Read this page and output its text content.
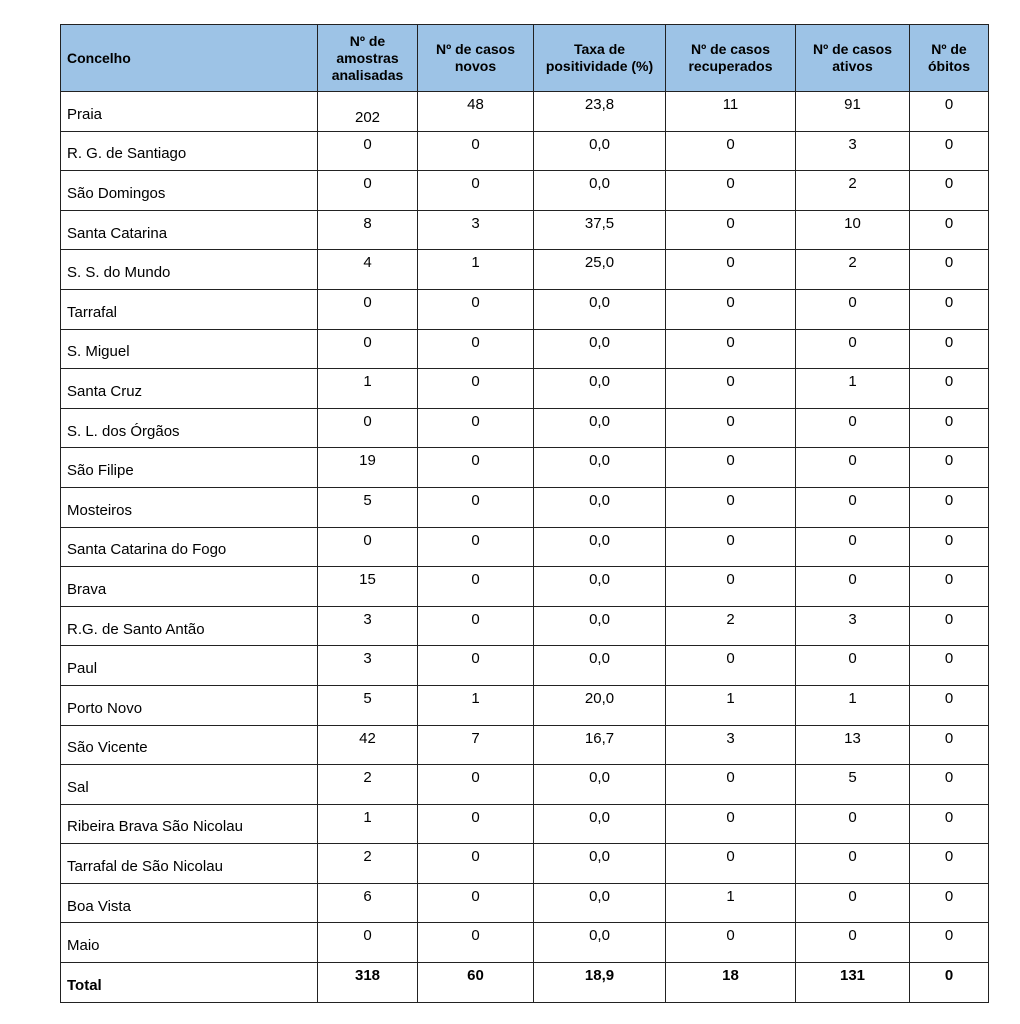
Concelho	Nº de amostras analisadas	Nº de casos novos	Taxa de positividade (%)	Nº de casos recuperados	Nº de casos ativos	Nº de óbitos
Praia	202	48	23,8	11	91	0
R. G. de Santiago	0	0	0,0	0	3	0
São Domingos	0	0	0,0	0	2	0
Santa Catarina	8	3	37,5	0	10	0
S. S. do Mundo	4	1	25,0	0	2	0
Tarrafal	0	0	0,0	0	0	0
S. Miguel	0	0	0,0	0	0	0
Santa Cruz	1	0	0,0	0	1	0
S. L. dos Órgãos	0	0	0,0	0	0	0
São Filipe	19	0	0,0	0	0	0
Mosteiros	5	0	0,0	0	0	0
Santa Catarina do Fogo	0	0	0,0	0	0	0
Brava	15	0	0,0	0	0	0
R.G. de Santo Antão	3	0	0,0	2	3	0
Paul	3	0	0,0	0	0	0
Porto Novo	5	1	20,0	1	1	0
São Vicente	42	7	16,7	3	13	0
Sal	2	0	0,0	0	5	0
Ribeira Brava São Nicolau	1	0	0,0	0	0	0
Tarrafal de São Nicolau	2	0	0,0	0	0	0
Boa Vista	6	0	0,0	1	0	0
Maio	0	0	0,0	0	0	0
Total	318	60	18,9	18	131	0
